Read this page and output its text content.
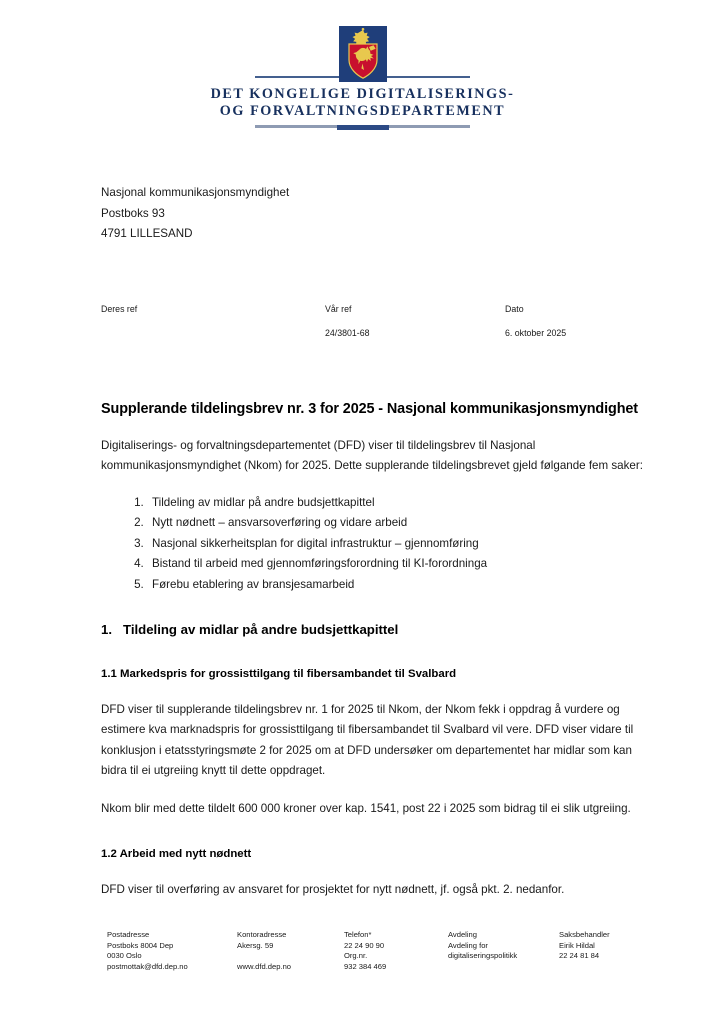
DET KONGELIGE DIGITALISERINGS-
OG FORVALTNINGSDEPARTEMENT
Nasjonal kommunikasjonsmyndighet
Postboks 93
4791 LILLESAND
Deres ref	Vår ref
24/3801-68
Dato
6. oktober 2025
Supplerande tildelingsbrev nr. 3 for 2025 - Nasjonal kommunikasjonsmyndighet

Digitaliserings- og forvaltningsdepartementet (DFD) viser til tildelingsbrev til Nasjonal kommunikasjonsmyndighet (Nkom) for 2025. Dette supplerande tildelingsbrevet gjeld følgande fem saker:

1. Tildeling av midlar på andre budsjettkapittel
2. Nytt nødnett – ansvarsoverføring og vidare arbeid
3. Nasjonal sikkerheitsplan for digital infrastruktur – gjennomføring
4. Bistand til arbeid med gjennomføringsforordning til KI-forordninga
5. Førebu etablering av bransjesamarbeid
1. Tildeling av midlar på andre budsjettkapittel
1.1 Markedspris for grossisttilgang til fibersambandet til Svalbard

DFD viser til supplerande tildelingsbrev nr. 1 for 2025 til Nkom, der Nkom fekk i oppdrag å vurdere og estimere kva marknadspris for grossisttilgang til fibersambandet til Svalbard vil vere. DFD viser vidare til konklusjon i etatsstyringsmøte 2 for 2025 om at DFD undersøker om departementet har midlar som kan bidra til ei utgreiing knytt til dette oppdraget.

Nkom blir med dette tildelt 600 000 kroner over kap. 1541, post 22 i 2025 som bidrag til ei slik utgreiing.

1.2 Arbeid med nytt nødnett

DFD viser til overføring av ansvaret for prosjektet for nytt nødnett, jf. også pkt. 2. nedanfor.

Postadresse
Postboks 8004 Dep
0030 Oslo
postmottak@dfd.dep.no
Kontoradresse
Akersg. 59
www.dfd.dep.no
Telefon*
22 24 90 90
Org.nr.
932 384 469
Avdeling
Avdeling for
digitaliseringspolitikk
Saksbehandler
Eirik Hildal
22 24 81 84
